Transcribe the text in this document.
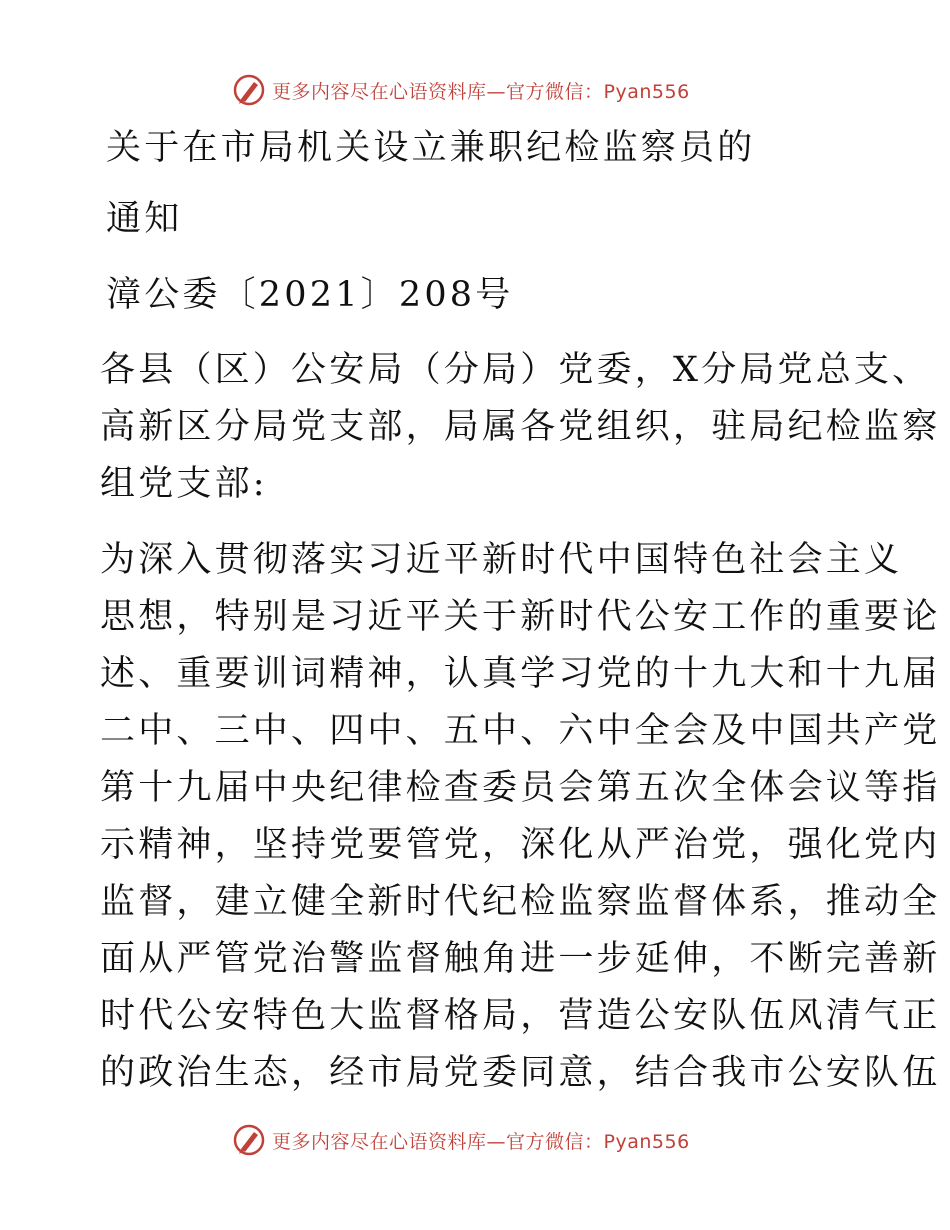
更多内容尽在心语资料库—官方微信：Pyan556
关于在市局机关设立兼职纪检监察员的
通知
漳公委〔2021〕208号
各县（区）公安局（分局）党委，X分局党总支、
高新区分局党支部，局属各党组织，驻局纪检监察
组党支部:
为深入贯彻落实习近平新时代中国特色社会主义
思想，特别是习近平关于新时代公安工作的重要论
述、重要训词精神，认真学习党的十九大和十九届
二中、三中、四中、五中、六中全会及中国共产党
第十九届中央纪律检查委员会第五次全体会议等指
示精神，坚持党要管党，深化从严治党，强化党内
监督，建立健全新时代纪检监察监督体系，推动全
面从严管党治警监督触角进一步延伸，不断完善新
时代公安特色大监督格局，营造公安队伍风清气正
的政治生态，经市局党委同意，结合我市公安队伍
更多内容尽在心语资料库—官方微信：Pyan556
